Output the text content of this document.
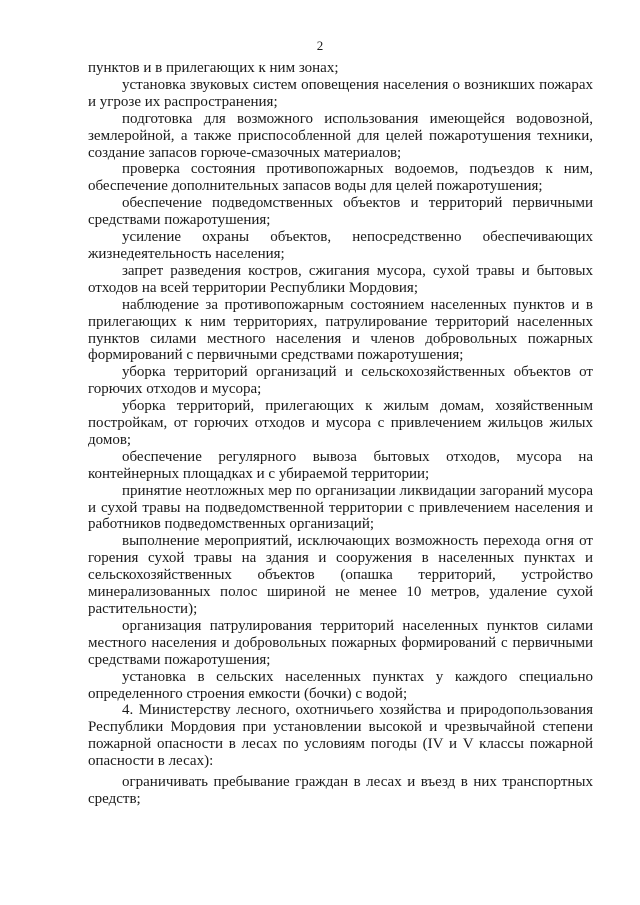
2

пунктов и в прилегающих к ним зонах;

установка звуковых систем оповещения населения о возникших пожарах и угрозе их распространения;

подготовка для возможного использования имеющейся водовозной, землеройной, а также приспособленной для целей пожаротушения техники, создание запасов горюче-смазочных материалов;

проверка состояния противопожарных водоемов, подъездов к ним, обеспечение дополнительных запасов воды для целей пожаротушения;

обеспечение подведомственных объектов и территорий первичными средствами пожаротушения;

усиление охраны объектов, непосредственно обеспечивающих жизнедеятельность населения;

запрет разведения костров, сжигания мусора, сухой травы и бытовых отходов на всей территории Республики Мордовия;

наблюдение за противопожарным состоянием населенных пунктов и в прилегающих к ним территориях, патрулирование территорий населенных пунктов силами местного населения и членов добровольных пожарных формирований с первичными средствами пожаротушения;

уборка территорий организаций и сельскохозяйственных объектов от горючих отходов и мусора;

уборка территорий, прилегающих к жилым домам, хозяйственным постройкам, от горючих отходов и мусора с привлечением жильцов жилых домов;

обеспечение регулярного вывоза бытовых отходов, мусора на контейнерных площадках и с убираемой территории;

принятие неотложных мер по организации ликвидации загораний мусора и сухой травы на подведомственной территории с привлечением населения и работников подведомственных организаций;

выполнение мероприятий, исключающих возможность перехода огня от горения сухой травы на здания и сооружения в населенных пунктах и сельскохозяйственных объектов (опашка территорий, устройство минерализованных полос шириной не менее 10 метров, удаление сухой растительности);

организация патрулирования территорий населенных пунктов силами местного населения и добровольных пожарных формирований с первичными средствами пожаротушения;

установка в сельских населенных пунктах у каждого специально определенного строения емкости (бочки) с водой;

4. Министерству лесного, охотничьего хозяйства и природопользования Республики Мордовия при установлении высокой и чрезвычайной степени пожарной опасности в лесах по условиям погоды (IV и V классы пожарной опасности в лесах):

ограничивать пребывание граждан в лесах и въезд в них транспортных средств;
